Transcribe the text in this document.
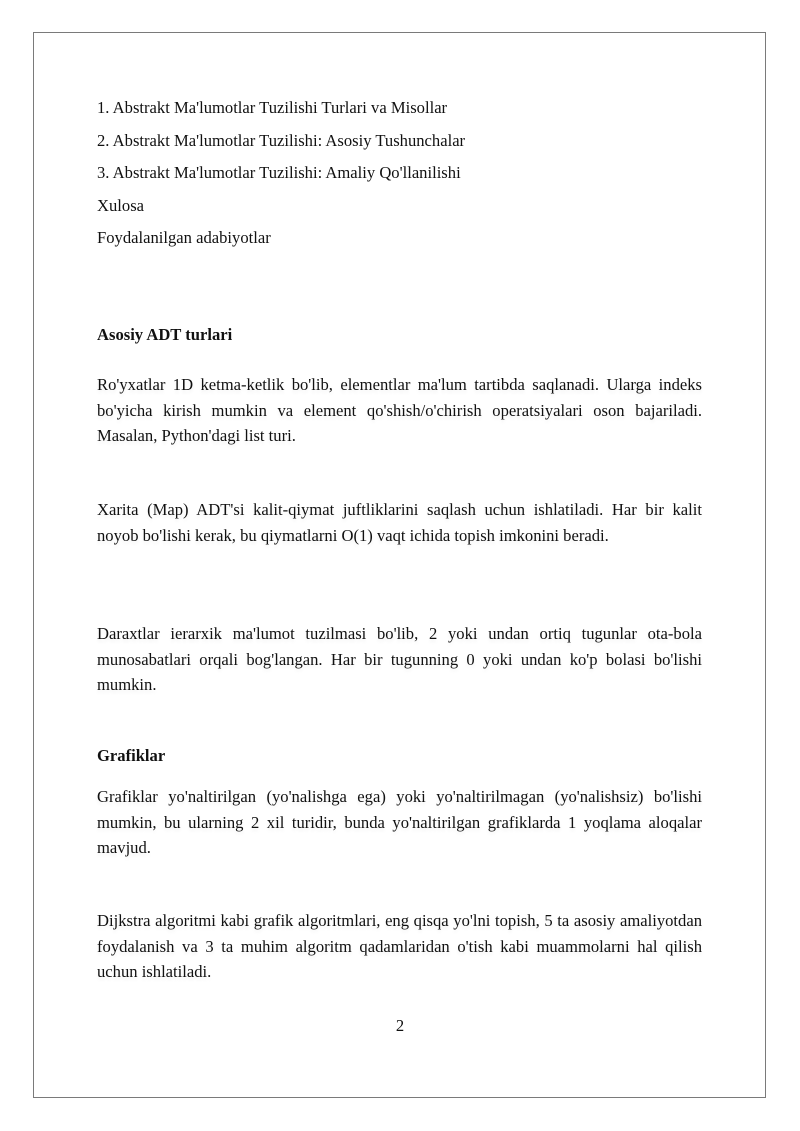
1. Abstrakt Ma'lumotlar Tuzilishi Turlari va Misollar
2. Abstrakt Ma'lumotlar Tuzilishi: Asosiy Tushunchalar
3. Abstrakt Ma'lumotlar Tuzilishi: Amaliy Qo'llanilishi
Xulosa
Foydalanilgan adabiyotlar
Asosiy ADT turlari
Ro'yxatlar 1D ketma-ketlik bo'lib, elementlar ma'lum tartibda saqlanadi. Ularga indeks bo'yicha kirish mumkin va element qo'shish/o'chirish operatsiyalari oson bajariladi. Masalan, Python'dagi list turi.
Xarita (Map) ADT'si kalit-qiymat juftliklarini saqlash uchun ishlatiladi. Har bir kalit noyob bo'lishi kerak, bu qiymatlarni O(1) vaqt ichida topish imkonini beradi.
Daraxtlar ierarxik ma'lumot tuzilmasi bo'lib, 2 yoki undan ortiq tugunlar ota-bola munosabatlari orqali bog'langan. Har bir tugunning 0 yoki undan ko'p bolasi bo'lishi mumkin.
Grafiklar
Grafiklar yo'naltirilgan (yo'nalishga ega) yoki yo'naltirilmagan (yo'nalishsiz) bo'lishi mumkin, bu ularning 2 xil turidir, bunda yo'naltirilgan grafiklarda 1 yoqlama aloqalar mavjud.
Dijkstra algoritmi kabi grafik algoritmlari, eng qisqa yo'lni topish, 5 ta asosiy amaliyotdan foydalanish va 3 ta muhim algoritm qadamlaridan o'tish kabi muammolarni hal qilish uchun ishlatiladi.
2
